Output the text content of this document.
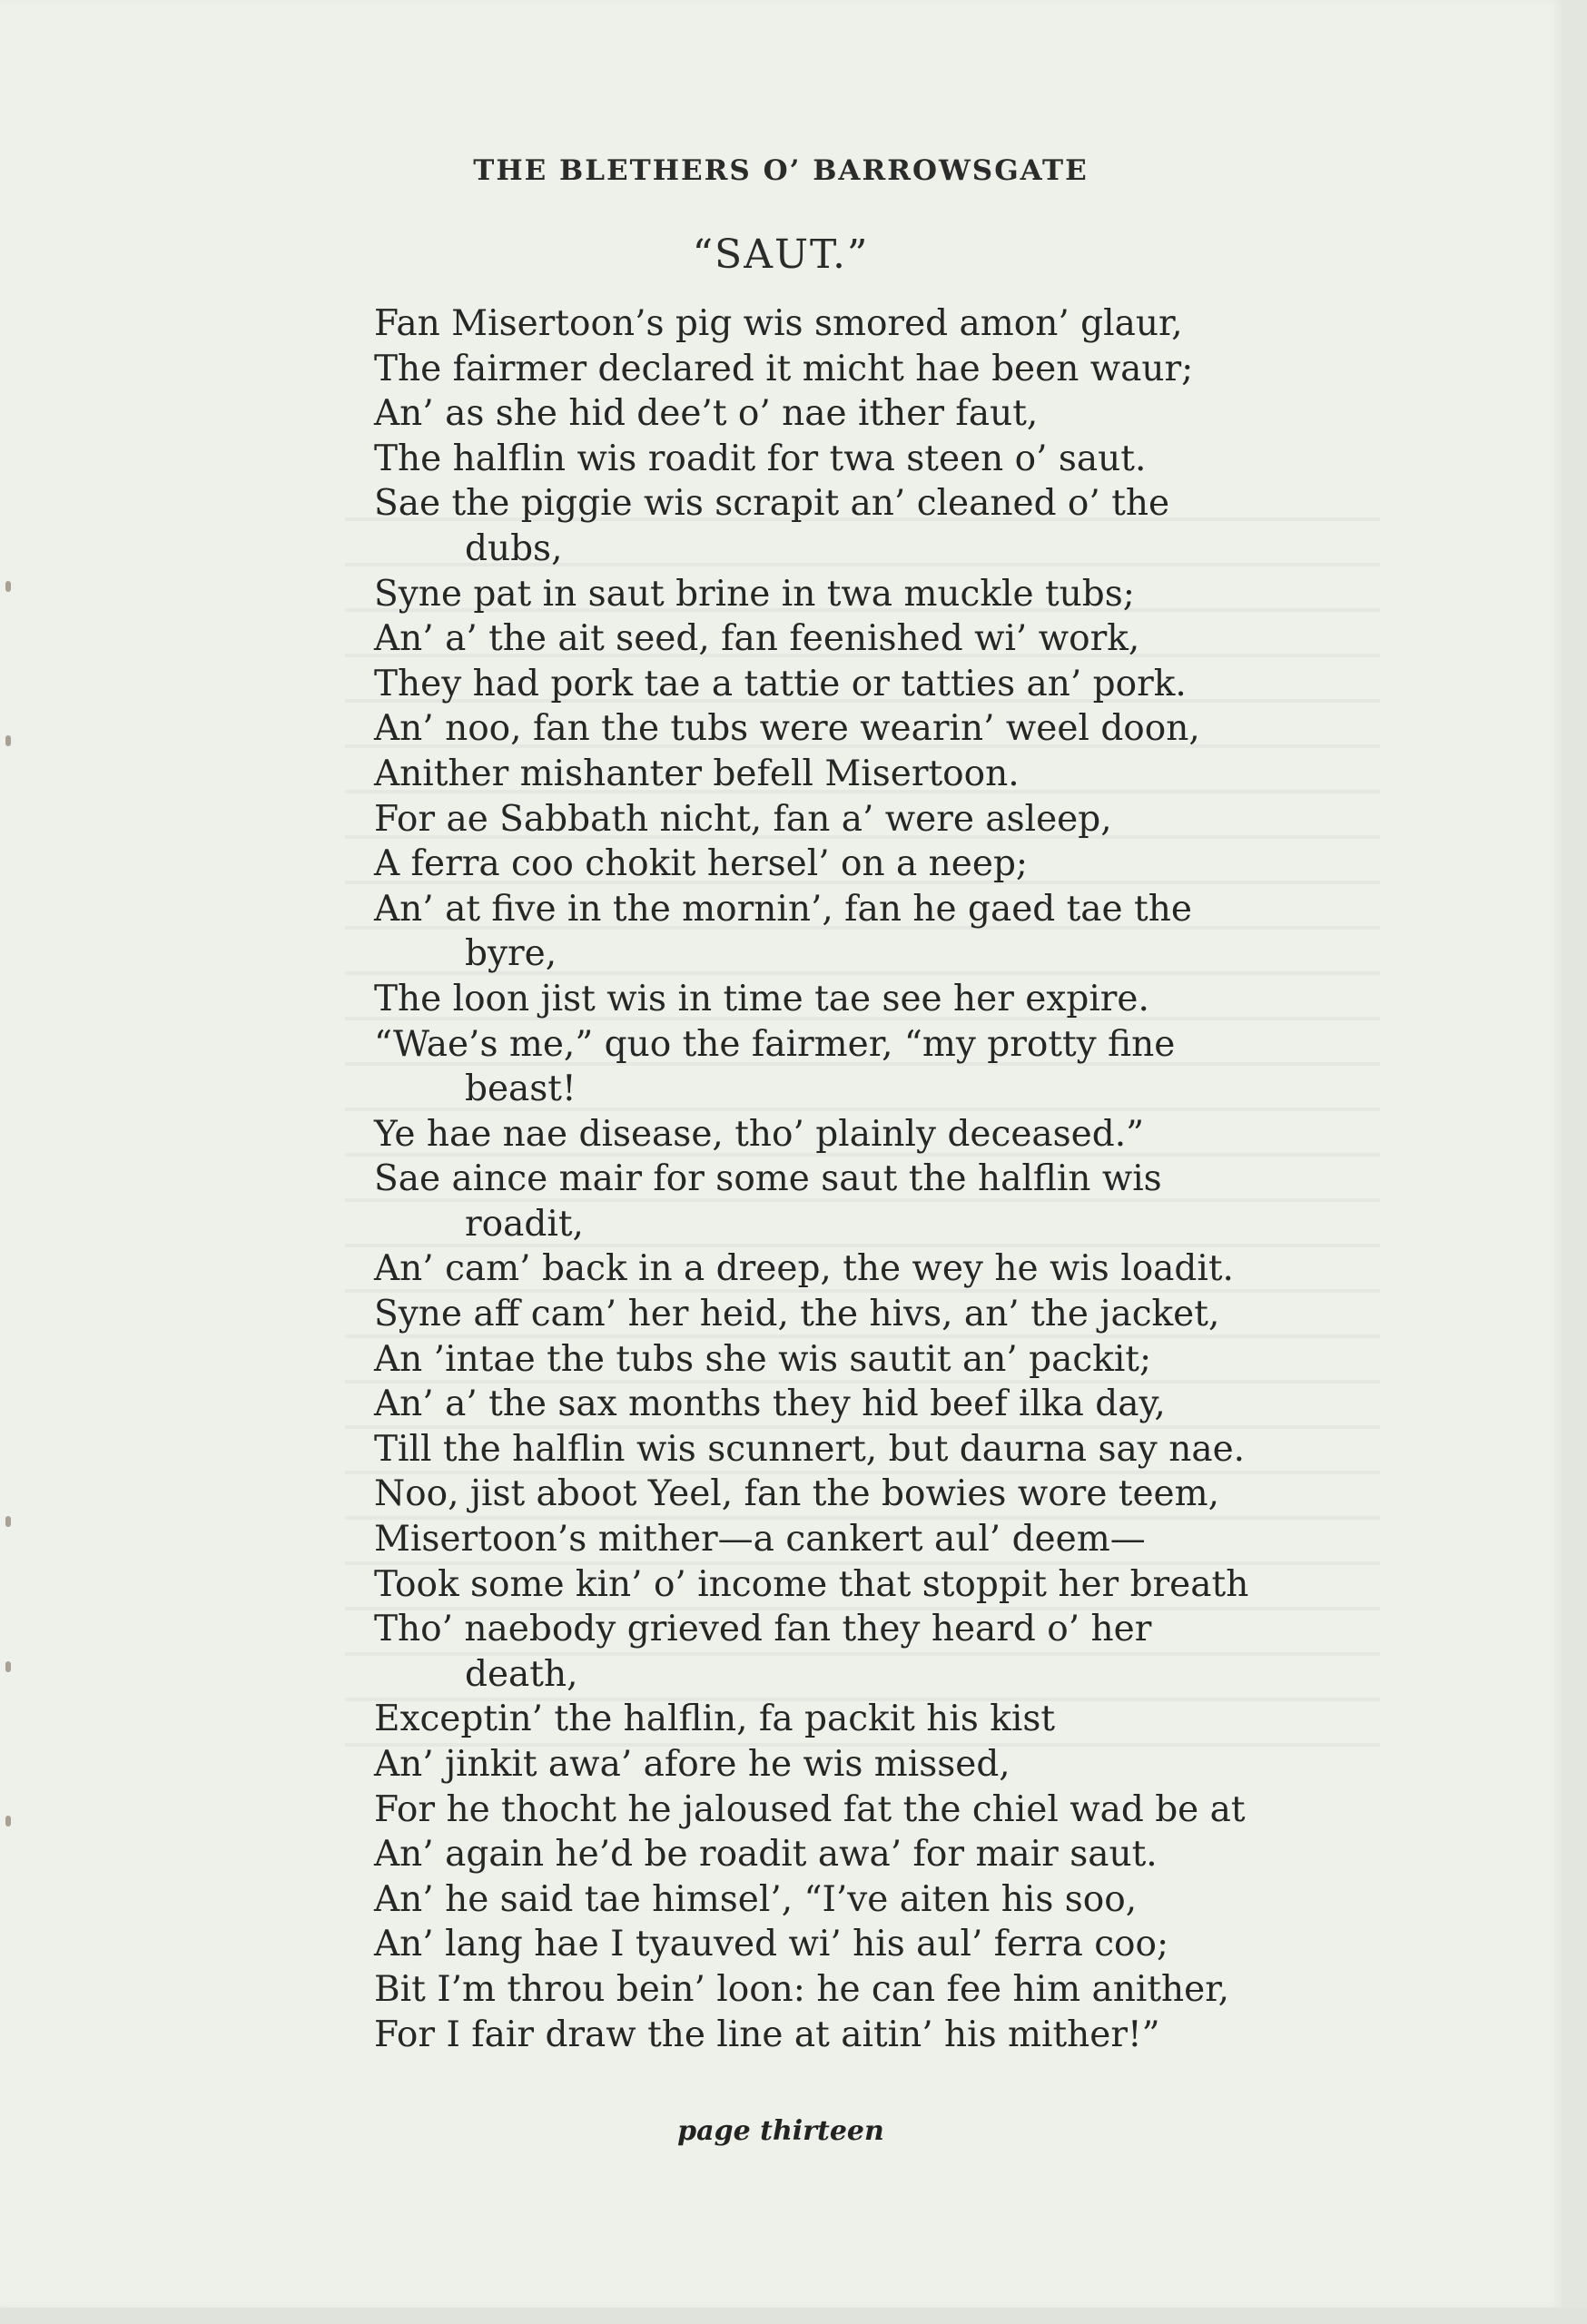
THE BLETHERS O’ BARROWSGATE
“SAUT.”
Fan Misertoon’s pig wis smored amon’ glaur,
The fairmer declared it micht hae been waur;
An’ as she hid dee’t o’ nae ither faut,
The halflin wis roadit for twa steen o’ saut.
Sae the piggie wis scrapit an’ cleaned o’ the
dubs,
Syne pat in saut brine in twa muckle tubs;
An’ a’ the ait seed, fan feenished wi’ work,
They had pork tae a tattie or tatties an’ pork.
An’ noo, fan the tubs were wearin’ weel doon,
Anither mishanter befell Misertoon.
For ae Sabbath nicht, fan a’ were asleep,
A ferra coo chokit hersel’ on a neep;
An’ at five in the mornin’, fan he gaed tae the
byre,
The loon jist wis in time tae see her expire.
“Wae’s me,” quo the fairmer, “my protty fine
beast!
Ye hae nae disease, tho’ plainly deceased.”
Sae aince mair for some saut the halflin wis
roadit,
An’ cam’ back in a dreep, the wey he wis loadit.
Syne aff cam’ her heid, the hivs, an’ the jacket,
An ’intae the tubs she wis sautit an’ packit;
An’ a’ the sax months they hid beef ilka day,
Till the halflin wis scunnert, but daurna say nae.
Noo, jist aboot Yeel, fan the bowies wore teem,
Misertoon’s mither—a cankert aul’ deem—
Took some kin’ o’ income that stoppit her breath
Tho’ naebody grieved fan they heard o’ her
death,
Exceptin’ the halflin, fa packit his kist
An’ jinkit awa’ afore he wis missed,
For he thocht he jaloused fat the chiel wad be at
An’ again he’d be roadit awa’ for mair saut.
An’ he said tae himsel’, “I’ve aiten his soo,
An’ lang hae I tyauved wi’ his aul’ ferra coo;
Bit I’m throu bein’ loon: he can fee him anither,
For I fair draw the line at aitin’ his mither!”
page thirteen
